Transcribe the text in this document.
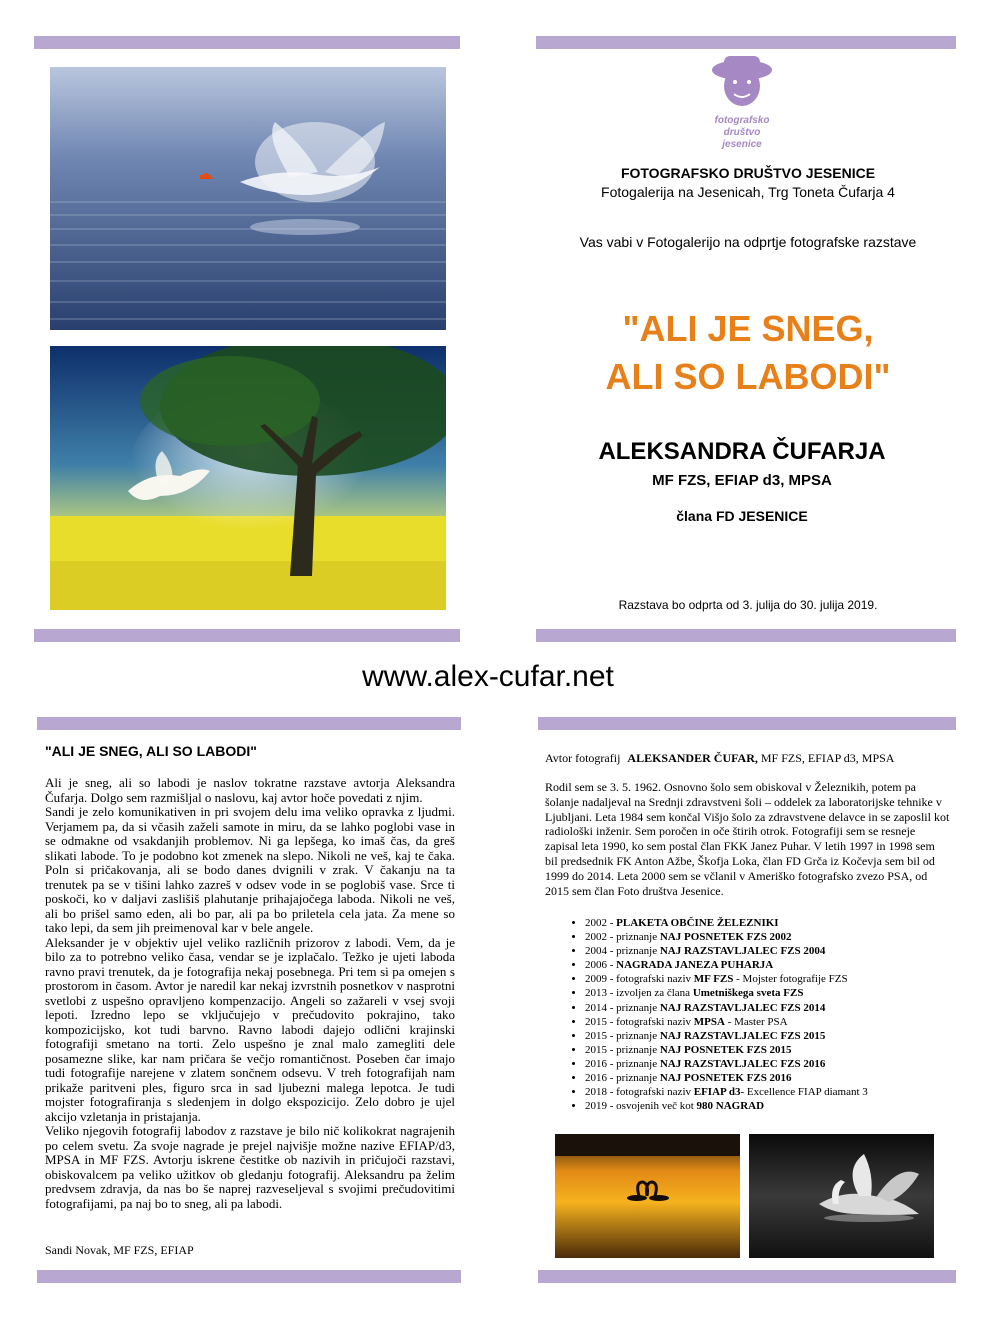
fotografsko društvo
jesenice
FOTOGRAFSKO DRUŠTVO JESENICE
Fotogalerija na Jesenicah, Trg Toneta Čufarja 4
Vas vabi v Fotogalerijo na odprtje fotografske razstave
"ALI JE SNEG,
ALI SO LABODI"
ALEKSANDRA ČUFARJA
MF FZS, EFIAP d3, MPSA
člana FD JESENICE
Razstava bo odprta od 3. julija do 30. julija 2019.
www.alex-cufar.net
"ALI JE SNEG, ALI SO LABODI"

Ali je sneg, ali so labodi je naslov tokratne razstave avtorja Aleksandra Čufarja. Dolgo sem razmišljal o naslovu, kaj avtor hoče povedati z njim.

Sandi je zelo komunikativen in pri svojem delu ima veliko opravka z ljudmi. Verjamem pa, da si včasih zaželi samote in miru, da se lahko poglobi vase in se odmakne od vsakdanjih problemov. Ni ga lepšega, ko imaš čas, da greš slikati labode. To je podobno kot zmenek na slepo. Nikoli ne veš, kaj te čaka. Poln si pričakovanja, ali se bodo danes dvignili v zrak. V čakanju na ta trenutek pa se v tišini lahko zazreš v odsev vode in se poglobiš vase. Srce ti poskoči, ko v daljavi zaslišiš plahutanje prihajajočega laboda. Nikoli ne veš, ali bo prišel samo eden, ali bo par, ali pa bo priletela cela jata. Za mene so tako lepi, da sem jih preimenoval kar v bele angele.

Aleksander je v objektiv ujel veliko različnih prizorov z labodi. Vem, da je bilo za to potrebno veliko časa, vendar se je izplačalo. Težko je ujeti laboda ravno pravi trenutek, da je fotografija nekaj posebnega. Pri tem si pa omejen s prostorom in časom. Avtor je naredil kar nekaj izvrstnih posnetkov v nasprotni svetlobi z uspešno opravljeno kompenzacijo. Angeli so zažareli v vsej svoji lepoti. Izredno lepo se vključujejo v prečudovito pokrajino, tako kompozicijsko, kot tudi barvno. Ravno labodi dajejo odlični krajinski fotografiji smetano na torti. Zelo uspešno je znal malo zamegliti dele posamezne slike, kar nam pričara še večjo romantičnost. Poseben čar imajo tudi fotografije narejene v zlatem sončnem odsevu. V treh fotografijah nam prikaže paritveni ples, figuro srca in sad ljubezni malega lepotca. Je tudi mojster fotografiranja s sledenjem in dolgo ekspozicijo. Zelo dobro je ujel akcijo vzletanja in pristajanja.

Veliko njegovih fotografij labodov z razstave je bilo nič kolikokrat nagrajenih po celem svetu. Za svoje nagrade je prejel najvišje možne nazive EFIAP/d3, MPSA in MF FZS. Avtorju iskrene čestitke ob nazivih in pričujoči razstavi, obiskovalcem pa veliko užitkov ob gledanju fotografij. Aleksandru pa želim predvsem zdravja, da nas bo še naprej razveseljeval s svojimi prečudovitimi fotografijami, pa naj bo to sneg, ali pa labodi.

Sandi Novak, MF FZS, EFIAP
Avtor fotografij ALEKSANDER ČUFAR, MF FZS, EFIAP d3, MPSA
Rodil sem se 3. 5. 1962. Osnovno šolo sem obiskoval v Železnikih, potem pa šolanje nadaljeval na Srednji zdravstveni šoli – oddelek za laboratorijske tehnike v Ljubljani. Leta 1984 sem končal Višjo šolo za zdravstvene delavce in se zaposlil kot radiološki inženir. Sem poročen in oče štirih otrok. Fotografiji sem se resneje zapisal leta 1990, ko sem postal član FKK Janez Puhar. V letih 1997 in 1998 sem bil predsednik FK Anton Ažbe, Škofja Loka, član FD Grča iz Kočevja sem bil od 1999 do 2014. Leta 2000 sem se včlanil v Ameriško fotografsko zvezo PSA, od 2015 sem član Foto društva Jesenice.
• 2002 - PLAKETA OBČINE ŽELEZNIKI
• 2002 - priznanje NAJ POSNETEK FZS 2002
• 2004 - priznanje NAJ RAZSTAVLJALEC FZS 2004
• 2006 - NAGRADA JANEZA PUHARJA
• 2009 - fotografski naziv MF FZS - Mojster fotografije FZS
• 2013 - izvoljen za člana Umetniškega sveta FZS
• 2014 - priznanje NAJ RAZSTAVLJALEC FZS 2014
• 2015 - fotografski naziv MPSA - Master PSA
• 2015 - priznanje NAJ RAZSTAVLJALEC FZS 2015
• 2015 - priznanje NAJ POSNETEK FZS 2015
• 2016 - priznanje NAJ RAZSTAVLJALEC FZS 2016
• 2016 - priznanje NAJ POSNETEK FZS 2016
• 2018 - fotografski naziv EFIAP d3- Excellence FIAP diamant 3
• 2019 - osvojenih več kot 980 NAGRAD
